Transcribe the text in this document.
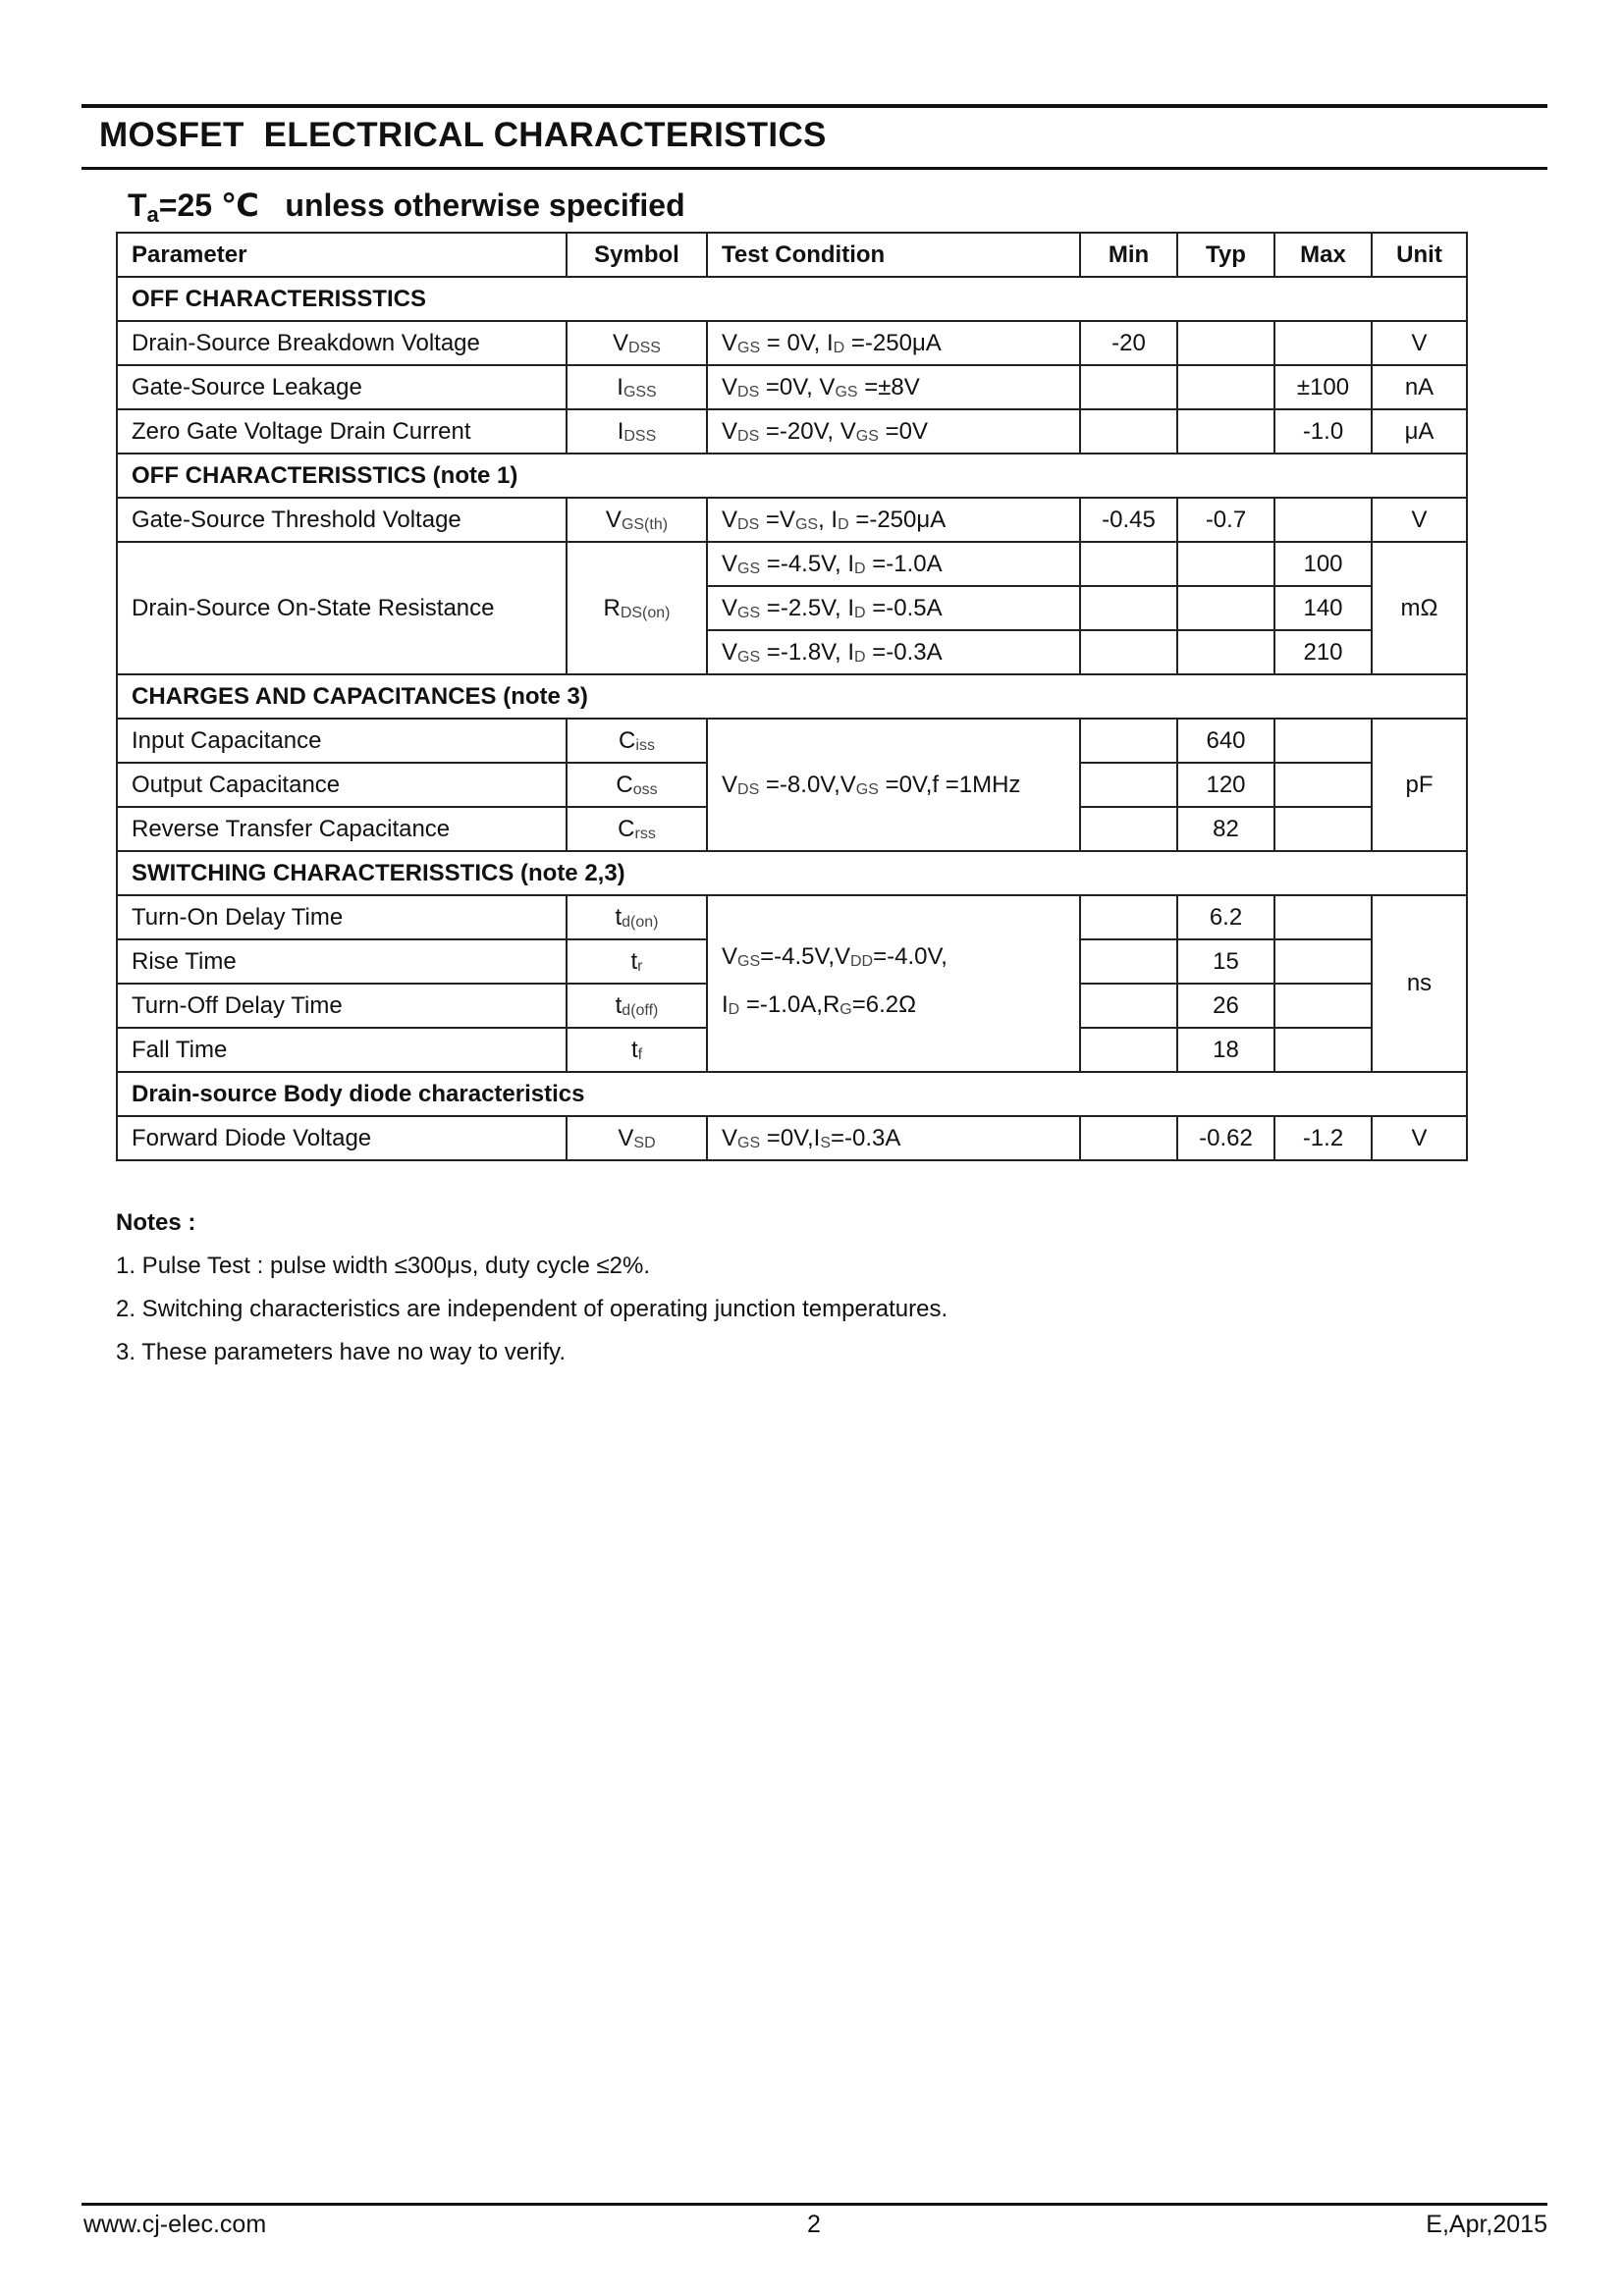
MOSFET  ELECTRICAL CHARACTERISTICS
$T_a=25$ ℃   unless otherwise specified
Parameter	Symbol	Test Condition	Min	Typ	Max	Unit
OFF CHARACTERISSTICS						
Drain-Source Breakdown Voltage	$V_{DSS}$	$V_{GS} = 0V$, $I_D =-250\mu A$	-20			V
Gate-Source Leakage	$I_{GSS}$	$V_{DS} =0V$, $V_{GS} =\pm 8V$			±100	nA
Zero Gate Voltage Drain Current	$I_{DSS}$	$V_{DS} =-20V$, $V_{GS} =0V$			-1.0	μA
OFF CHARACTERISSTICS (note 1)						
Gate-Source Threshold Voltage	$V_{GS(th)}$	$V_{DS} =V_{GS}$, $I_D =-250\mu A$	-0.45	-0.7		V
Drain-Source On-State Resistance	$R_{DS(on)}$	$V_{GS} =-4.5V$, $I_D =-1.0A$			100	mΩ
		$V_{GS} =-2.5V$, $I_D =-0.5A$			140	
		$V_{GS} =-1.8V$, $I_D =-0.3A$			210	
CHARGES AND CAPACITANCES (note 3)						
Input Capacitance	$C_{iss}$	$V_{DS} =-8.0V,V_{GS} =0V,f =1MHz$		640		pF
Output Capacitance	$C_{oss}$			120		
Reverse Transfer Capacitance	$C_{rss}$			82		
SWITCHING CHARACTERISSTICS (note 2,3)						
Turn-On Delay Time	$t_{d(on)}$	$V_{GS}=-4.5V,V_{DD}=-4.0V$,
$I_D =-1.0A,R_G=6.2\Omega$		6.2		ns
Rise Time	$t_r$			15		
Turn-Off Delay Time	$t_{d(off)}$			26		
Fall Time	$t_f$			18		
Drain-source Body diode characteristics						
Forward Diode Voltage	$V_{SD}$	$V_{GS} =0V,I_S=-0.3A$		-0.62	-1.2	V
Notes :
1. Pulse Test : pulse width ≤300μs, duty cycle ≤2%.
2. Switching characteristics are independent of operating junction temperatures.
3. These parameters have no way to verify.
www.cj-elec.com	2	E,Apr,2015
